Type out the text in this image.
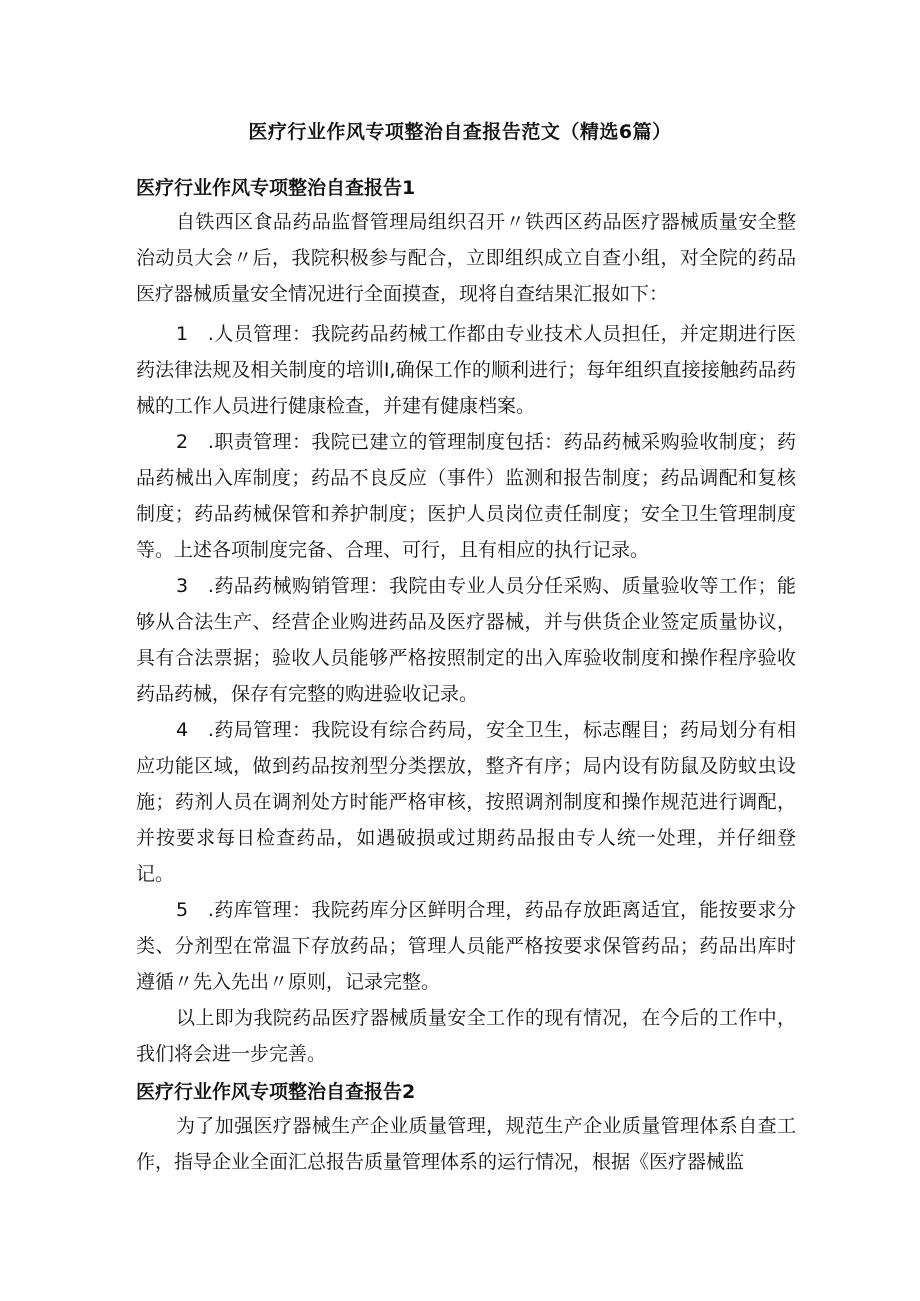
医疗行业作风专项整治自查报告范文（精选6篇）
医疗行业作风专项整治自查报告1

自铁西区食品药品监督管理局组织召开〃铁西区药品医疗器械质量安全整治动员大会〃后，我院积极参与配合，立即组织成立自查小组，对全院的药品医疗器械质量安全情况进行全面摸查，现将自查结果汇报如下：

1　.人员管理：我院药品药械工作都由专业技术人员担任，并定期进行医药法律法规及相关制度的培训I,确保工作的顺利进行；每年组织直接接触药品药械的工作人员进行健康检查，并建有健康档案。

2　.职责管理：我院已建立的管理制度包括：药品药械采购验收制度；药品药械出入库制度；药品不良反应（事件）监测和报告制度；药品调配和复核制度；药品药械保管和养护制度；医护人员岗位责任制度；安全卫生管理制度等。上述各项制度完备、合理、可行，且有相应的执行记录。

3　.药品药械购销管理：我院由专业人员分任采购、质量验收等工作；能够从合法生产、经营企业购进药品及医疗器械，并与供货企业签定质量协议，具有合法票据；验收人员能够严格按照制定的出入库验收制度和操作程序验收药品药械，保存有完整的购进验收记录。

4　.药局管理：我院设有综合药局，安全卫生，标志醒目；药局划分有相应功能区域，做到药品按剂型分类摆放，整齐有序；局内设有防鼠及防蚊虫设施；药剂人员在调剂处方时能严格审核，按照调剂制度和操作规范进行调配，并按要求每日检查药品，如遇破损或过期药品报由专人统一处理，并仔细登记。

5　.药库管理：我院药库分区鲜明合理，药品存放距离适宜，能按要求分类、分剂型在常温下存放药品；管理人员能严格按要求保管药品；药品出库时遵循〃先入先出〃原则，记录完整。

以上即为我院药品医疗器械质量安全工作的现有情况，在今后的工作中，我们将会进一步完善。

医疗行业作风专项整治自查报告2

为了加强医疗器械生产企业质量管理，规范生产企业质量管理体系自查工作，指导企业全面汇总报告质量管理体系的运行情况，根据《医疗器械监
